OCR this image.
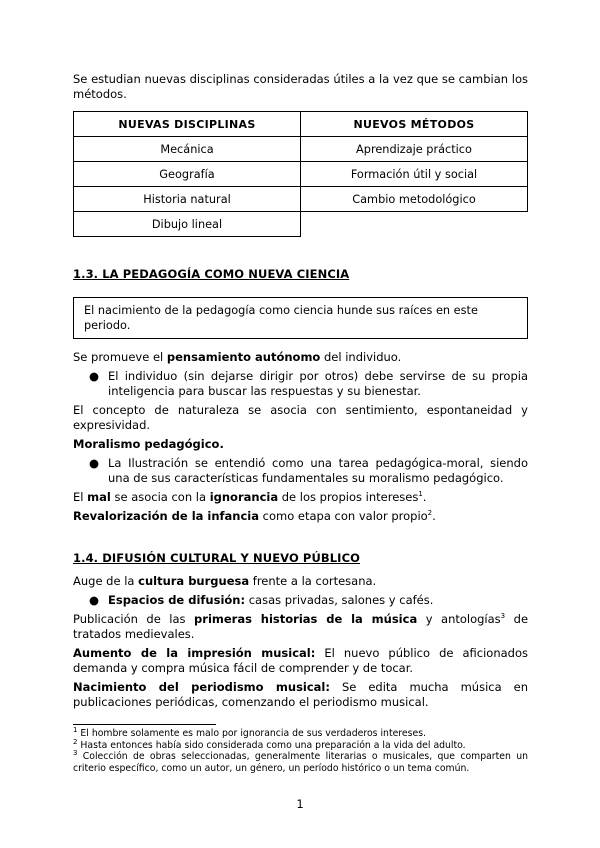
Se estudian nuevas disciplinas consideradas útiles a la vez que se cambian los métodos.

NUEVAS DISCIPLINAS	NUEVOS MÉTODOS
Mecánica	Aprendizaje práctico
Geografía	Formación útil y social
Historia natural	Cambio metodológico
Dibujo lineal	
1.3. LA PEDAGOGÍA COMO NUEVA CIENCIA
El nacimiento de la pedagogía como ciencia hunde sus raíces en este periodo.

Se promueve el pensamiento autónomo del individuo.

● El individuo (sin dejarse dirigir por otros) debe servirse de su propia inteligencia para buscar las respuestas y su bienestar.

El concepto de naturaleza se asocia con sentimiento, espontaneidad y expresividad.

Moralismo pedagógico.

● La Ilustración se entendió como una tarea pedagógica-moral, siendo una de sus características fundamentales su moralismo pedagógico.

El mal se asocia con la ignorancia de los propios intereses$^1$.

Revalorización de la infancia como etapa con valor propio$^2$.

1.4. DIFUSIÓN CULTURAL Y NUEVO PÚBLICO

Auge de la cultura burguesa frente a la cortesana.

● Espacios de difusión: casas privadas, salones y cafés.

Publicación de las primeras historias de la música y antologías$^3$ de tratados medievales.

Aumento de la impresión musical: El nuevo público de aficionados demanda y compra música fácil de comprender y de tocar.

Nacimiento del periodismo musical: Se edita mucha música en publicaciones periódicas, comenzando el periodismo musical.

$^1$ El hombre solamente es malo por ignorancia de sus verdaderos intereses.
$^2$ Hasta entonces había sido considerada como una preparación a la vida del adulto.
$^3$ Colección de obras seleccionadas, generalmente literarias o musicales, que comparten un criterio específico, como un autor, un género, un período histórico o un tema común.
1
